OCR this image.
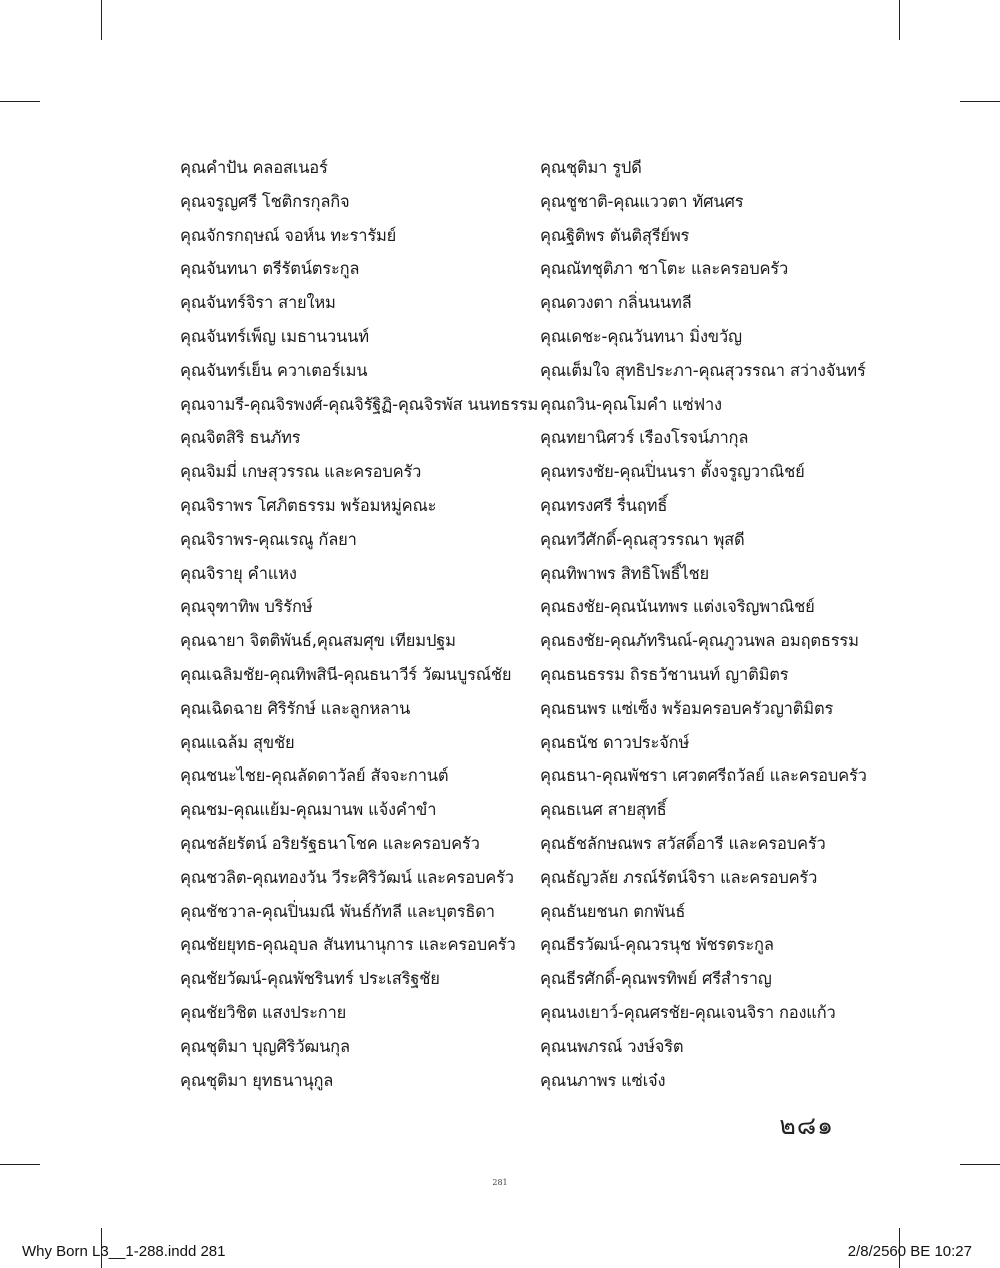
คุณคำปัน คลอสเนอร์
คุณจรูญศรี โชติกรกุลกิจ
คุณจักรกฤษณ์ จอห์น ทะรารัมย์
คุณจันทนา ตรีรัตน์ตระกูล
คุณจันทร์จิรา สายใหม
คุณจันทร์เพ็ญ เมธานวนนท์
คุณจันทร์เย็น ควาเตอร์เมน
คุณจามรี-คุณจิรพงศ์-คุณจิรัฐิฏิ-คุณจิรพัส นนทธรรม
คุณจิตสิริ ธนภัทร
คุณจิมมี่ เกษสุวรรณ และครอบครัว
คุณจิราพร โศภิตธรรม พร้อมหมู่คณะ
คุณจิราพร-คุณเรณู กัลยา
คุณจิรายุ คำแหง
คุณจุฑาทิพ บริรักษ์
คุณฉายา จิตติพันธ์,คุณสมศุข เทียมปฐม
คุณเฉลิมชัย-คุณทิพสินี-คุณธนาวีร์ วัฒนบูรณ์ชัย
คุณเฉิดฉาย ศิริรักษ์ และลูกหลาน
คุณแฉล้ม สุขชัย
คุณชนะไชย-คุณลัดดาวัลย์ สัจจะกานต์
คุณชม-คุณแย้ม-คุณมานพ แจ้งคำขำ
คุณชลัยรัตน์ อริยรัฐธนาโชค และครอบครัว
คุณชวลิต-คุณทองวัน วีระศิริวัฒน์ และครอบครัว
คุณชัชวาล-คุณปิ่นมณี พันธ์กัทลี และบุตรธิดา
คุณชัยยุทธ-คุณอุบล สันทนานุการ และครอบครัว
คุณชัยวัฒน์-คุณพัชรินทร์ ประเสริฐชัย
คุณชัยวิชิต แสงประกาย
คุณชุติมา บุญศิริวัฒนกุล
คุณชุติมา ยุทธนานุกูล
คุณชุติมา รูปดี
คุณชูชาติ-คุณแววตา ทัศนศร
คุณฐิติพร ตันติสุรีย์พร
คุณณัทชุติภา ชาโตะ และครอบครัว
คุณดวงตา กลิ่นนนทลี
คุณเดชะ-คุณวันทนา มิ่งขวัญ
คุณเต็มใจ สุทธิประภา-คุณสุวรรณา สว่างจันทร์
คุณถวิน-คุณโมคำ แซ่ฟาง
คุณทยานิศวร์ เรืองโรจน์ภากุล
คุณทรงชัย-คุณปิ่นนรา ตั้งจรูญวาณิชย์
คุณทรงศรี รื่นฤทธิ์
คุณทวีศักดิ์-คุณสุวรรณา พุสดี
คุณทิพาพร สิทธิโพธิ์ไชย
คุณธงชัย-คุณนันทพร แต่งเจริญพาณิชย์
คุณธงชัย-คุณภัทรินณ์-คุณภูวนพล อมฤตธรรม
คุณธนธรรม ถิรธวัชานนท์ ญาติมิตร
คุณธนพร แซ่เซ็ง พร้อมครอบครัวญาติมิตร
คุณธนัช ดาวประจักษ์
คุณธนา-คุณพัชรา เศวตศรีถวัลย์ และครอบครัว
คุณธเนศ สายสุทธิ์
คุณธัชลักษณพร สวัสดิ์อารี และครอบครัว
คุณธัญวลัย ภรณ์รัตน์จิรา และครอบครัว
คุณธันยชนก ตกพันธ์
คุณธีรวัฒน์-คุณวรนุช พัชรตระกูล
คุณธีรศักดิ์-คุณพรทิพย์ ศรีสำราญ
คุณนงเยาว์-คุณศรชัย-คุณเจนจิรา กองแก้ว
คุณนพภรณ์ วงษ์จริต
คุณนภาพร แซ่เจ๋ง
๒๘๑
281
Why Born L3__1-288.indd 281	2/8/2560 BE 10:27
